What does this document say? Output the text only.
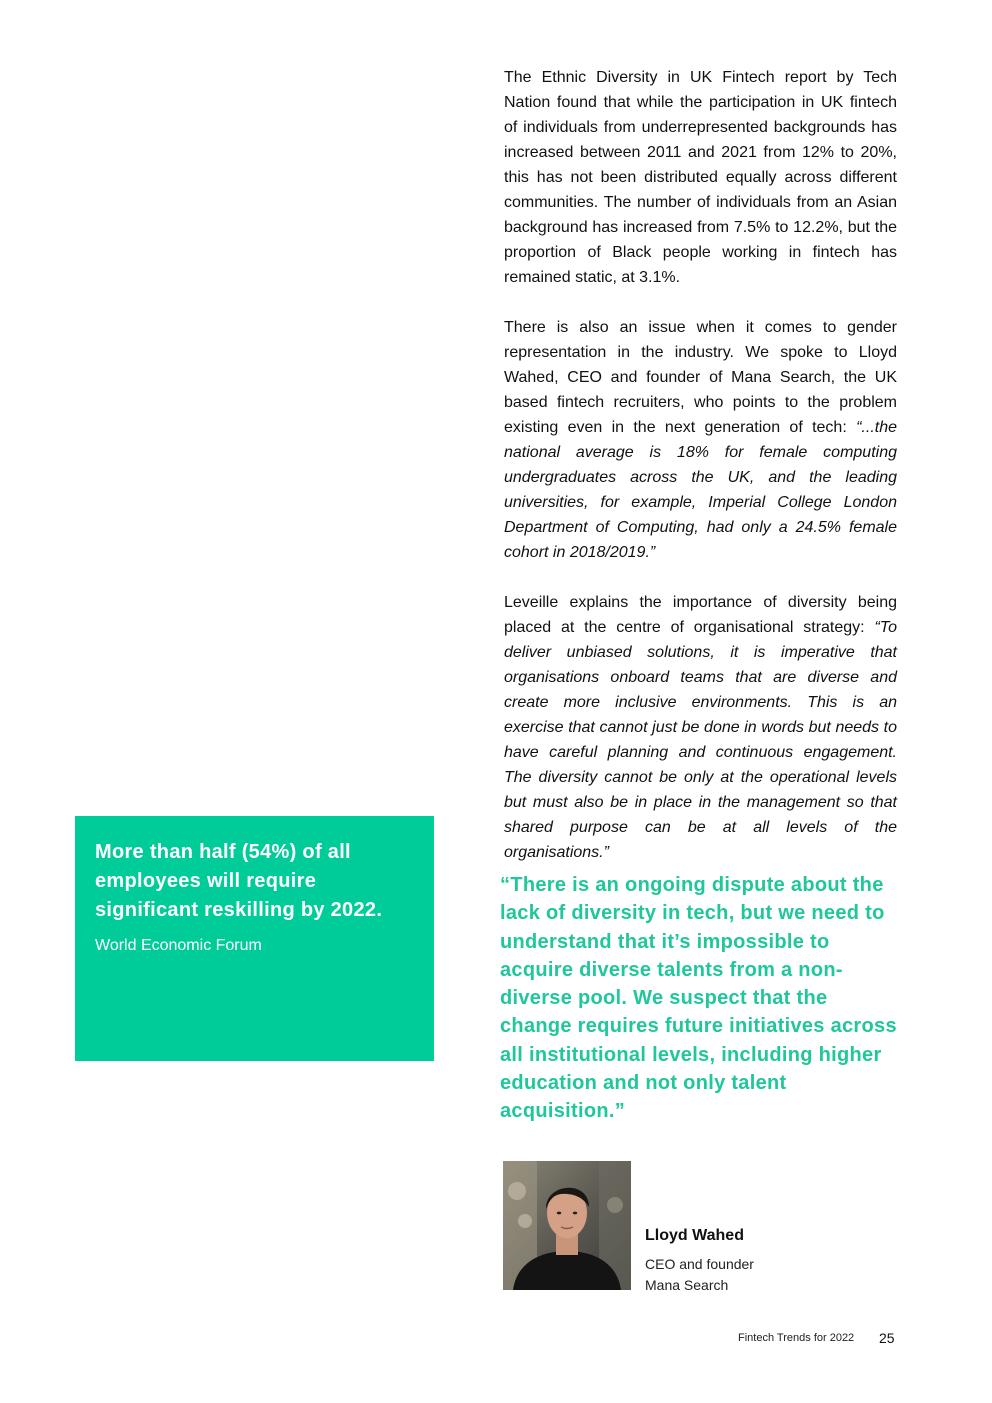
The Ethnic Diversity in UK Fintech report by Tech Nation found that while the participation in UK fintech of individuals from underrepresented backgrounds has increased between 2011 and 2021 from 12% to 20%, this has not been distributed equally across different communities. The number of individuals from an Asian background has increased from 7.5% to 12.2%, but the proportion of Black people working in fintech has remained static, at 3.1%.

There is also an issue when it comes to gender representation in the industry. We spoke to Lloyd Wahed, CEO and founder of Mana Search, the UK based fintech recruiters, who points to the problem existing even in the next generation of tech: “...the national average is 18% for female computing undergraduates across the UK, and the leading universities, for example, Imperial College London Department of Computing, had only a 24.5% female cohort in 2018/2019.”

Leveille explains the importance of diversity being placed at the centre of organisational strategy: “To deliver unbiased solutions, it is imperative that organisations onboard teams that are diverse and create more inclusive environments. This is an exercise that cannot just be done in words but needs to have careful planning and continuous engagement. The diversity cannot be only at the operational levels but must also be in place in the management so that shared purpose can be at all levels of the organisations.”

More than half (54%) of all employees will require significant reskilling by 2022.

World Economic Forum

“There is an ongoing dispute about the lack of diversity in tech, but we need to understand that it’s impossible to acquire diverse talents from a non-diverse pool. We suspect that the change requires future initiatives across all institutional levels, including higher education and not only talent acquisition.”

Lloyd Wahed
CEO and founder
Mana Search
Fintech Trends for 2022 25
